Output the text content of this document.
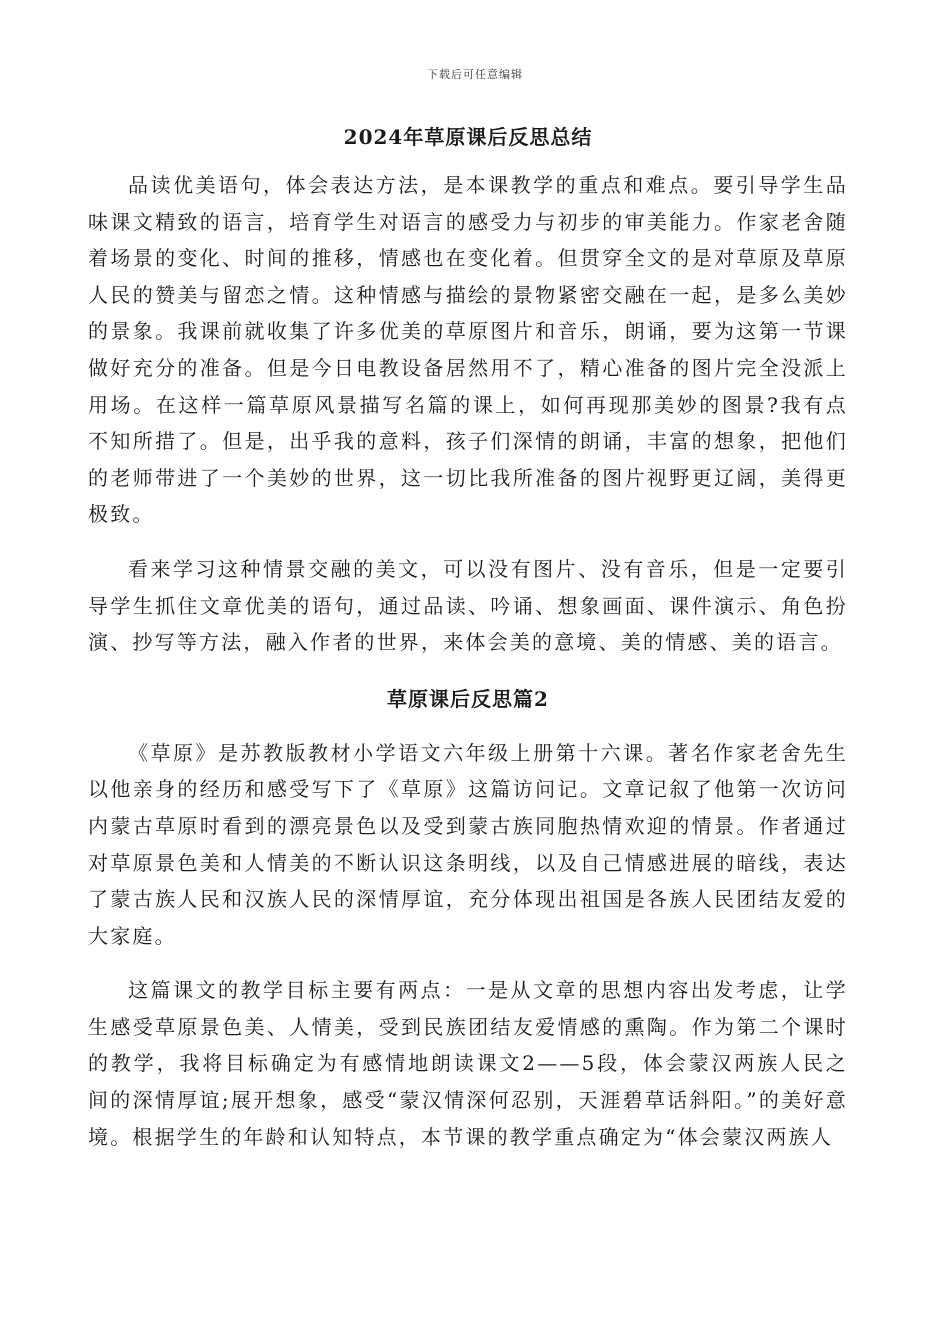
下载后可任意编辑
2024年草原课后反思总结

品读优美语句，体会表达方法，是本课教学的重点和难点。要引导学生品味课文精致的语言，培育学生对语言的感受力与初步的审美能力。作家老舍随着场景的变化、时间的推移，情感也在变化着。但贯穿全文的是对草原及草原人民的赞美与留恋之情。这种情感与描绘的景物紧密交融在一起，是多么美妙的景象。我课前就收集了许多优美的草原图片和音乐，朗诵，要为这第一节课做好充分的准备。但是今日电教设备居然用不了，精心准备的图片完全没派上用场。在这样一篇草原风景描写名篇的课上，如何再现那美妙的图景?我有点不知所措了。但是，出乎我的意料，孩子们深情的朗诵，丰富的想象，把他们的老师带进了一个美妙的世界，这一切比我所准备的图片视野更辽阔，美得更极致。

看来学习这种情景交融的美文，可以没有图片、没有音乐，但是一定要引导学生抓住文章优美的语句，通过品读、吟诵、想象画面、课件演示、角色扮演、抄写等方法，融入作者的世界，来体会美的意境、美的情感、美的语言。

草原课后反思篇2

《草原》是苏教版教材小学语文六年级上册第十六课。著名作家老舍先生以他亲身的经历和感受写下了《草原》这篇访问记。文章记叙了他第一次访问内蒙古草原时看到的漂亮景色以及受到蒙古族同胞热情欢迎的情景。作者通过对草原景色美和人情美的不断认识这条明线，以及自己情感进展的暗线，表达了蒙古族人民和汉族人民的深情厚谊，充分体现出祖国是各族人民团结友爱的大家庭。

这篇课文的教学目标主要有两点：一是从文章的思想内容出发考虑，让学生感受草原景色美、人情美，受到民族团结友爱情感的熏陶。作为第二个课时的教学，我将目标确定为有感情地朗读课文2——5段，体会蒙汉两族人民之间的深情厚谊;展开想象，感受“蒙汉情深何忍别，天涯碧草话斜阳。”的美好意境。根据学生的年龄和认知特点，本节课的教学重点确定为“体会蒙汉两族人
